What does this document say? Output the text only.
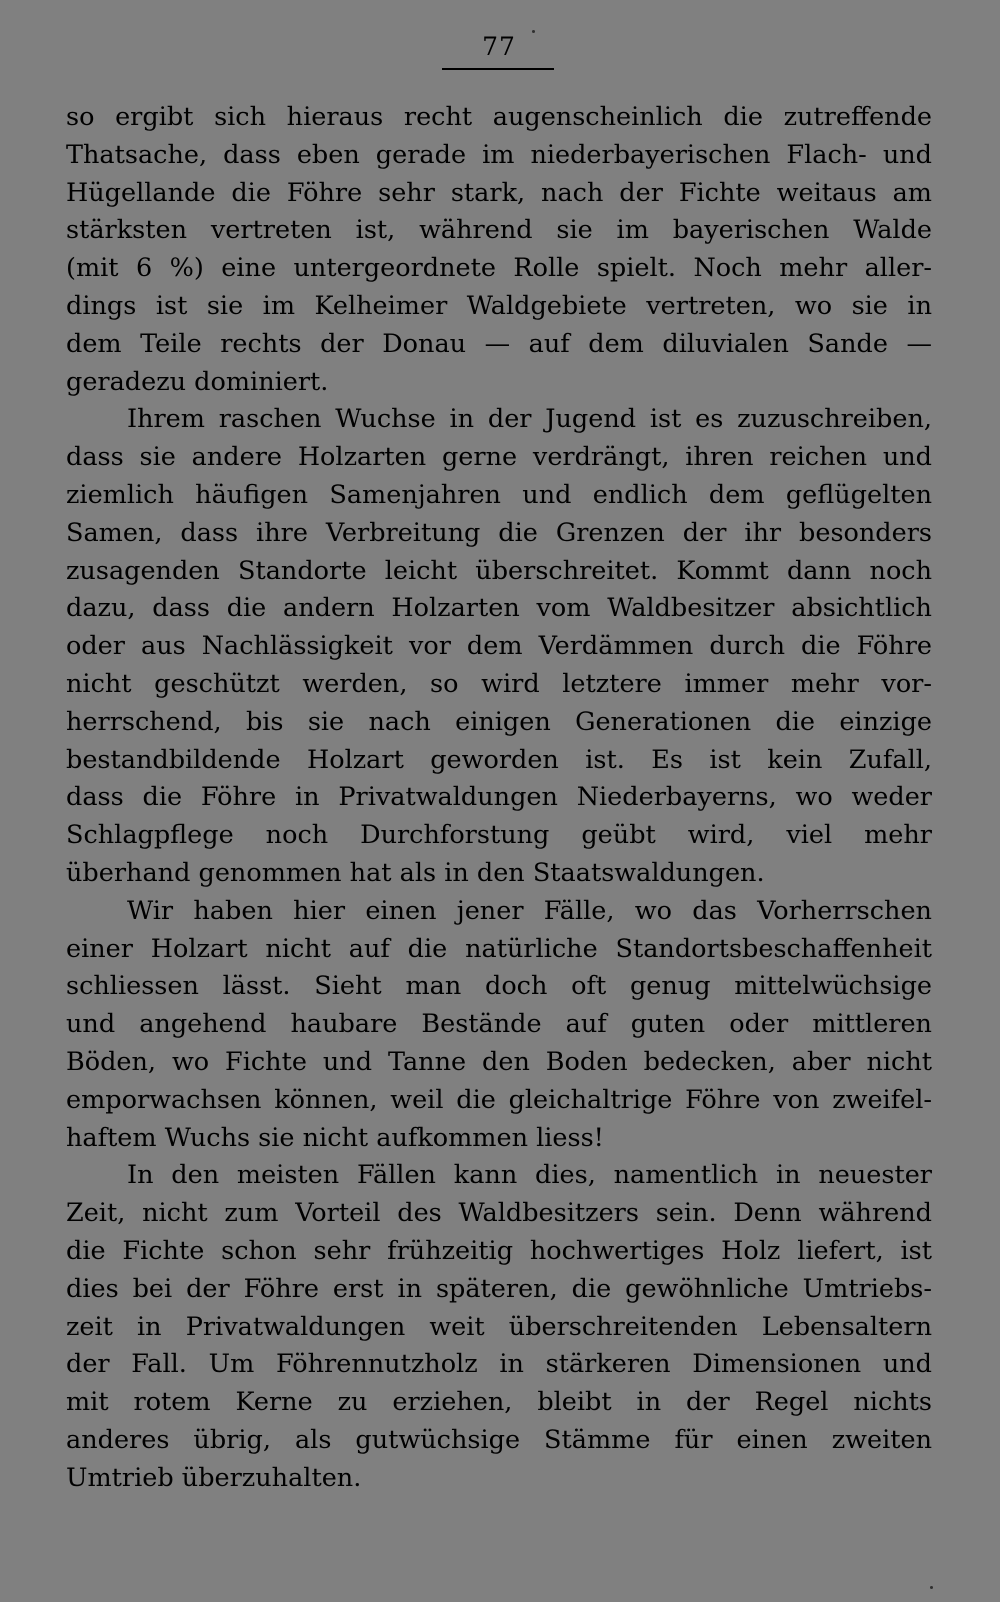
77
so ergibt sich hieraus recht augenscheinlich die zutreffende
Thatsache, dass eben gerade im niederbayerischen Flach- und
Hügellande die Föhre sehr stark, nach der Fichte weitaus am
stärksten vertreten ist, während sie im bayerischen Walde
(mit 6 %) eine untergeordnete Rolle spielt. Noch mehr aller-
dings ist sie im Kelheimer Waldgebiete vertreten, wo sie in
dem Teile rechts der Donau — auf dem diluvialen Sande —
geradezu dominiert.
Ihrem raschen Wuchse in der Jugend ist es zuzuschreiben,
dass sie andere Holzarten gerne verdrängt, ihren reichen und
ziemlich häufigen Samenjahren und endlich dem geflügelten
Samen, dass ihre Verbreitung die Grenzen der ihr besonders
zusagenden Standorte leicht überschreitet. Kommt dann noch
dazu, dass die andern Holzarten vom Waldbesitzer absichtlich
oder aus Nachlässigkeit vor dem Verdämmen durch die Föhre
nicht geschützt werden, so wird letztere immer mehr vor-
herrschend, bis sie nach einigen Generationen die einzige
bestandbildende Holzart geworden ist. Es ist kein Zufall,
dass die Föhre in Privatwaldungen Niederbayerns, wo weder
Schlagpflege noch Durchforstung geübt wird, viel mehr
überhand genommen hat als in den Staatswaldungen.
Wir haben hier einen jener Fälle, wo das Vorherrschen
einer Holzart nicht auf die natürliche Standortsbeschaffenheit
schliessen lässt. Sieht man doch oft genug mittelwüchsige
und angehend haubare Bestände auf guten oder mittleren
Böden, wo Fichte und Tanne den Boden bedecken, aber nicht
emporwachsen können, weil die gleichaltrige Föhre von zweifel-
haftem Wuchs sie nicht aufkommen liess!
In den meisten Fällen kann dies, namentlich in neuester
Zeit, nicht zum Vorteil des Waldbesitzers sein. Denn während
die Fichte schon sehr frühzeitig hochwertiges Holz liefert, ist
dies bei der Föhre erst in späteren, die gewöhnliche Umtriebs-
zeit in Privatwaldungen weit überschreitenden Lebensaltern
der Fall. Um Föhrennutzholz in stärkeren Dimensionen und
mit rotem Kerne zu erziehen, bleibt in der Regel nichts
anderes übrig, als gutwüchsige Stämme für einen zweiten
Umtrieb überzuhalten.
